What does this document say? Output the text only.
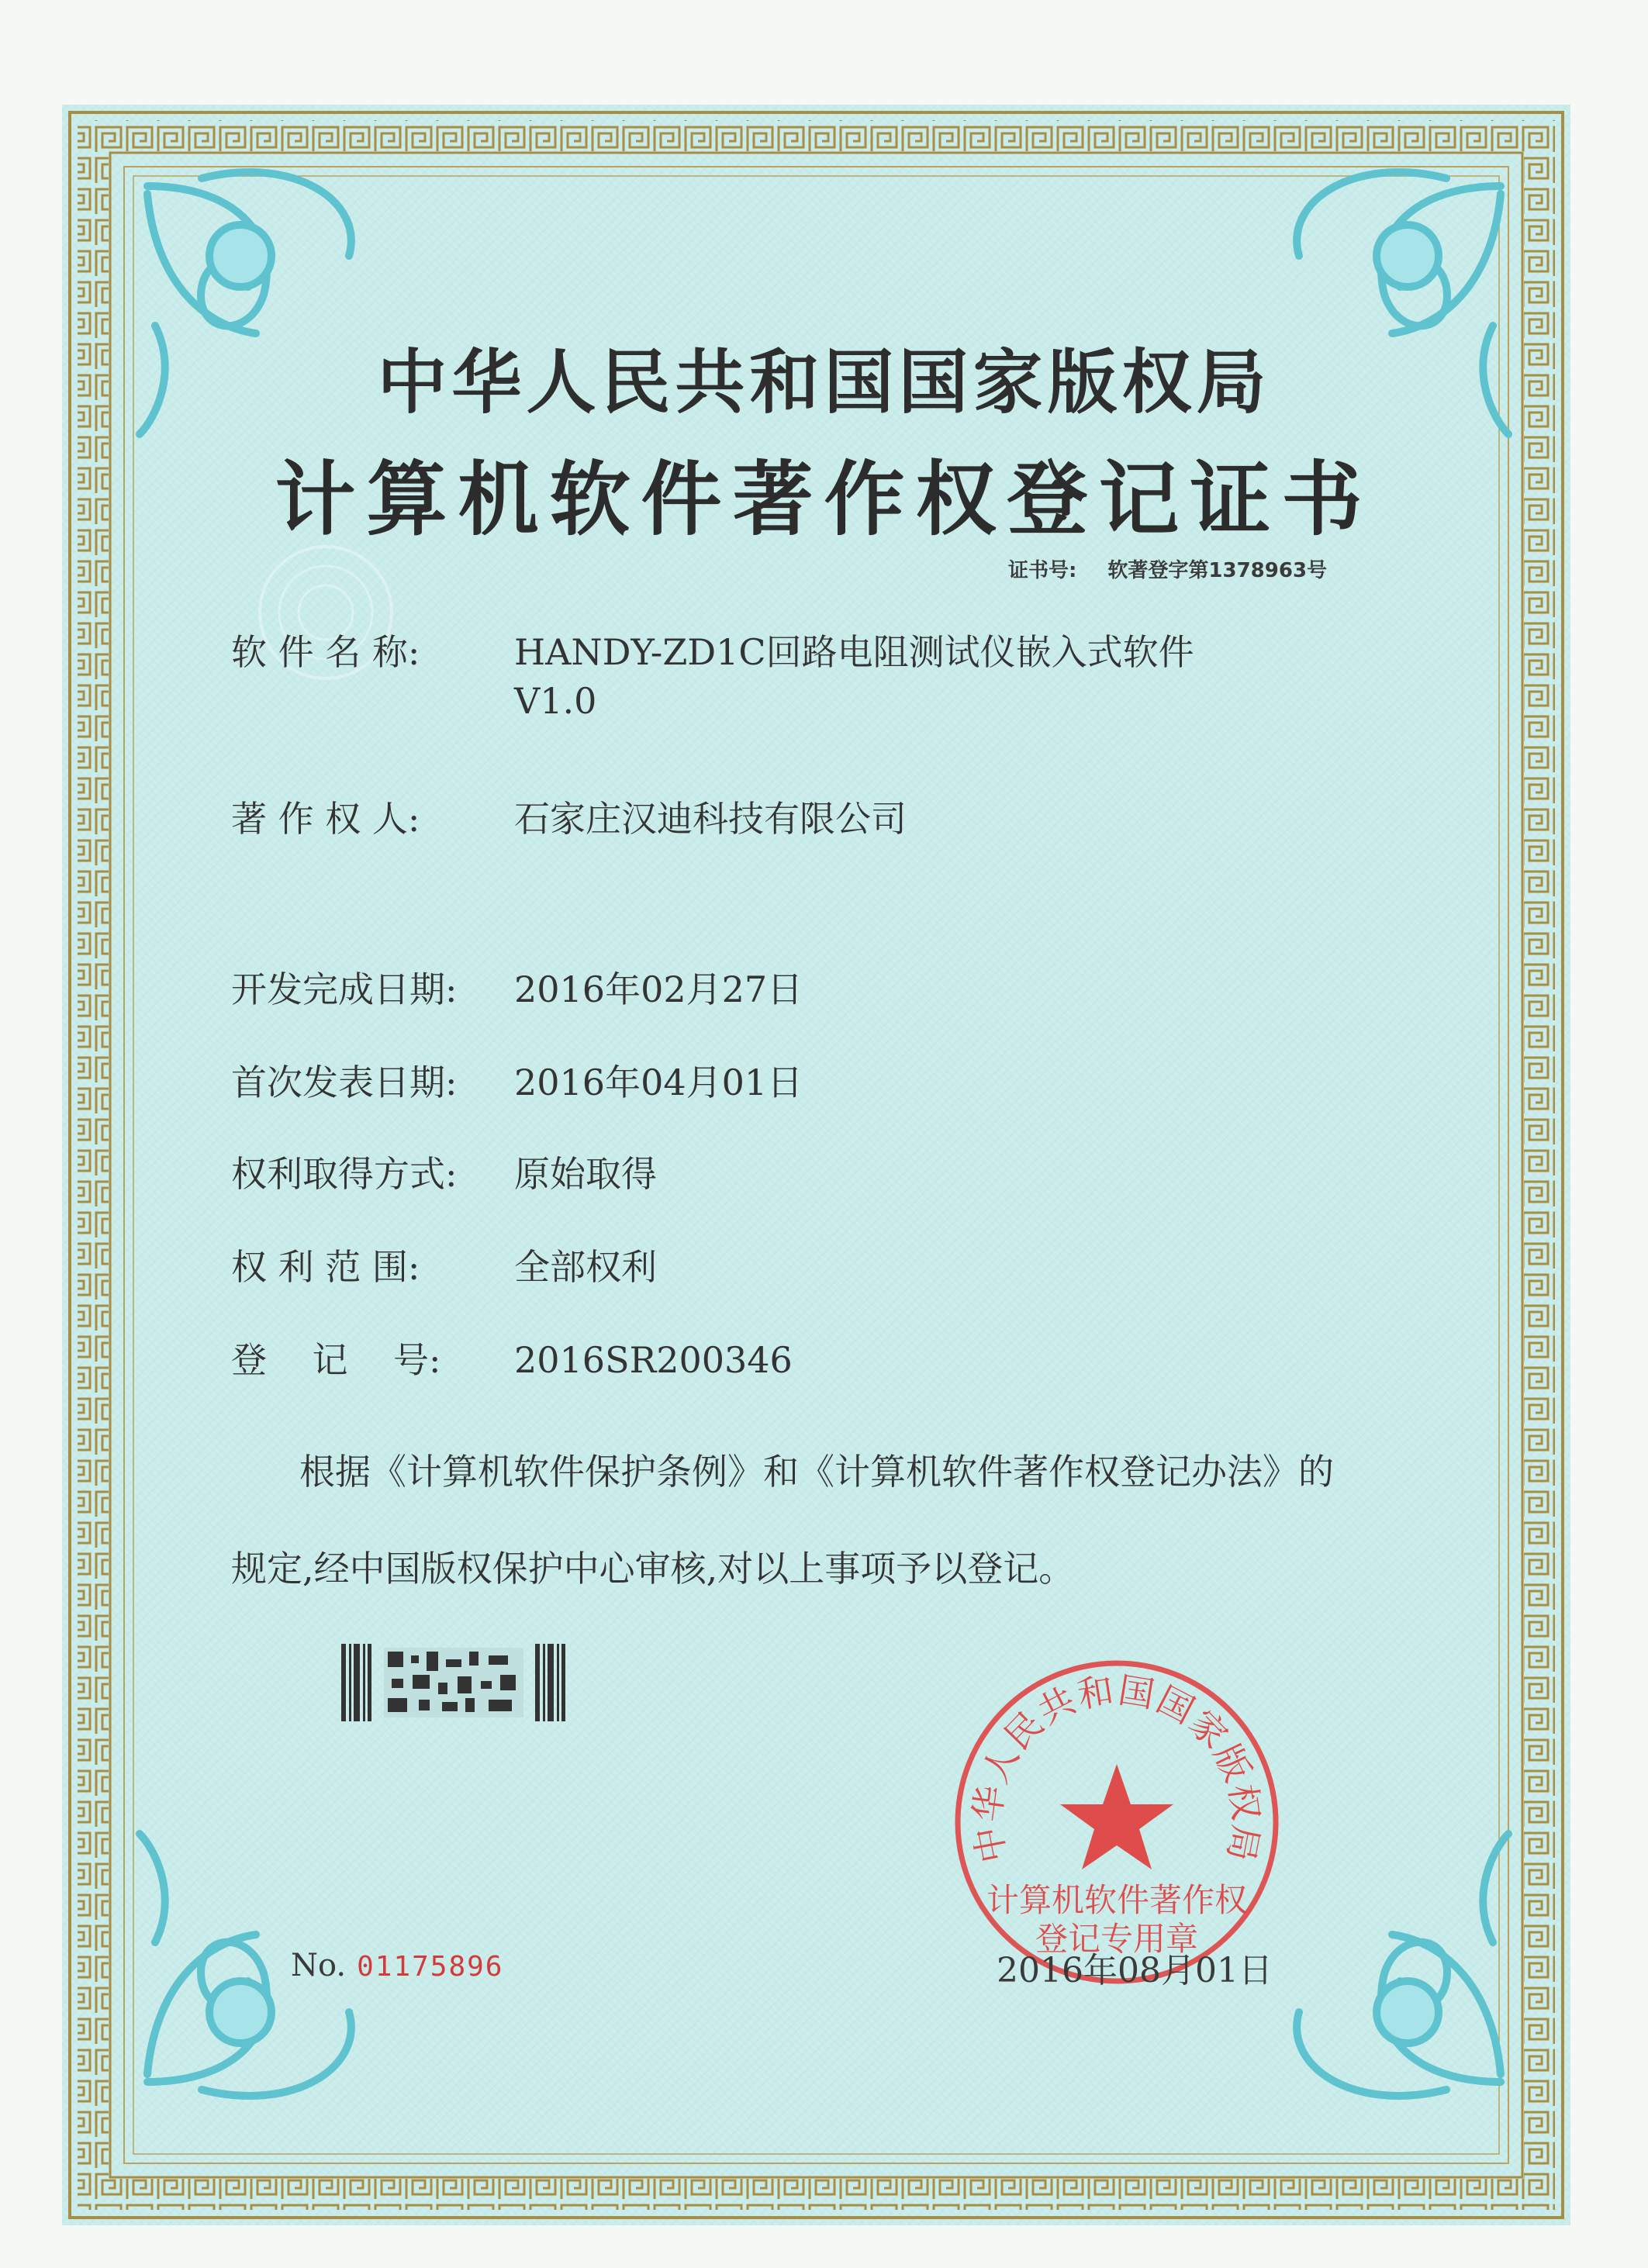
中华人民共和国国家版权局
计算机软件著作权登记证书
证书号: 软著登字第1378963号
软 件 名 称:	HANDY-ZD1C回路电阻测试仪嵌入式软件
V1.0
著 作 权 人:	石家庄汉迪科技有限公司
开发完成日期: 2016年02月27日
首次发表日期: 2016年04月01日
权利取得方式: 原始取得
权 利 范 围:	全部权利
登    记    号: 2016SR200346
根据《计算机软件保护条例》和《计算机软件著作权登记办法》的
规定,经中国版权保护中心审核,对以上事项予以登记。
No. 01175896
中华人民共和国国家版权局
计算机软件著作权
登记专用章
2016年08月01日
